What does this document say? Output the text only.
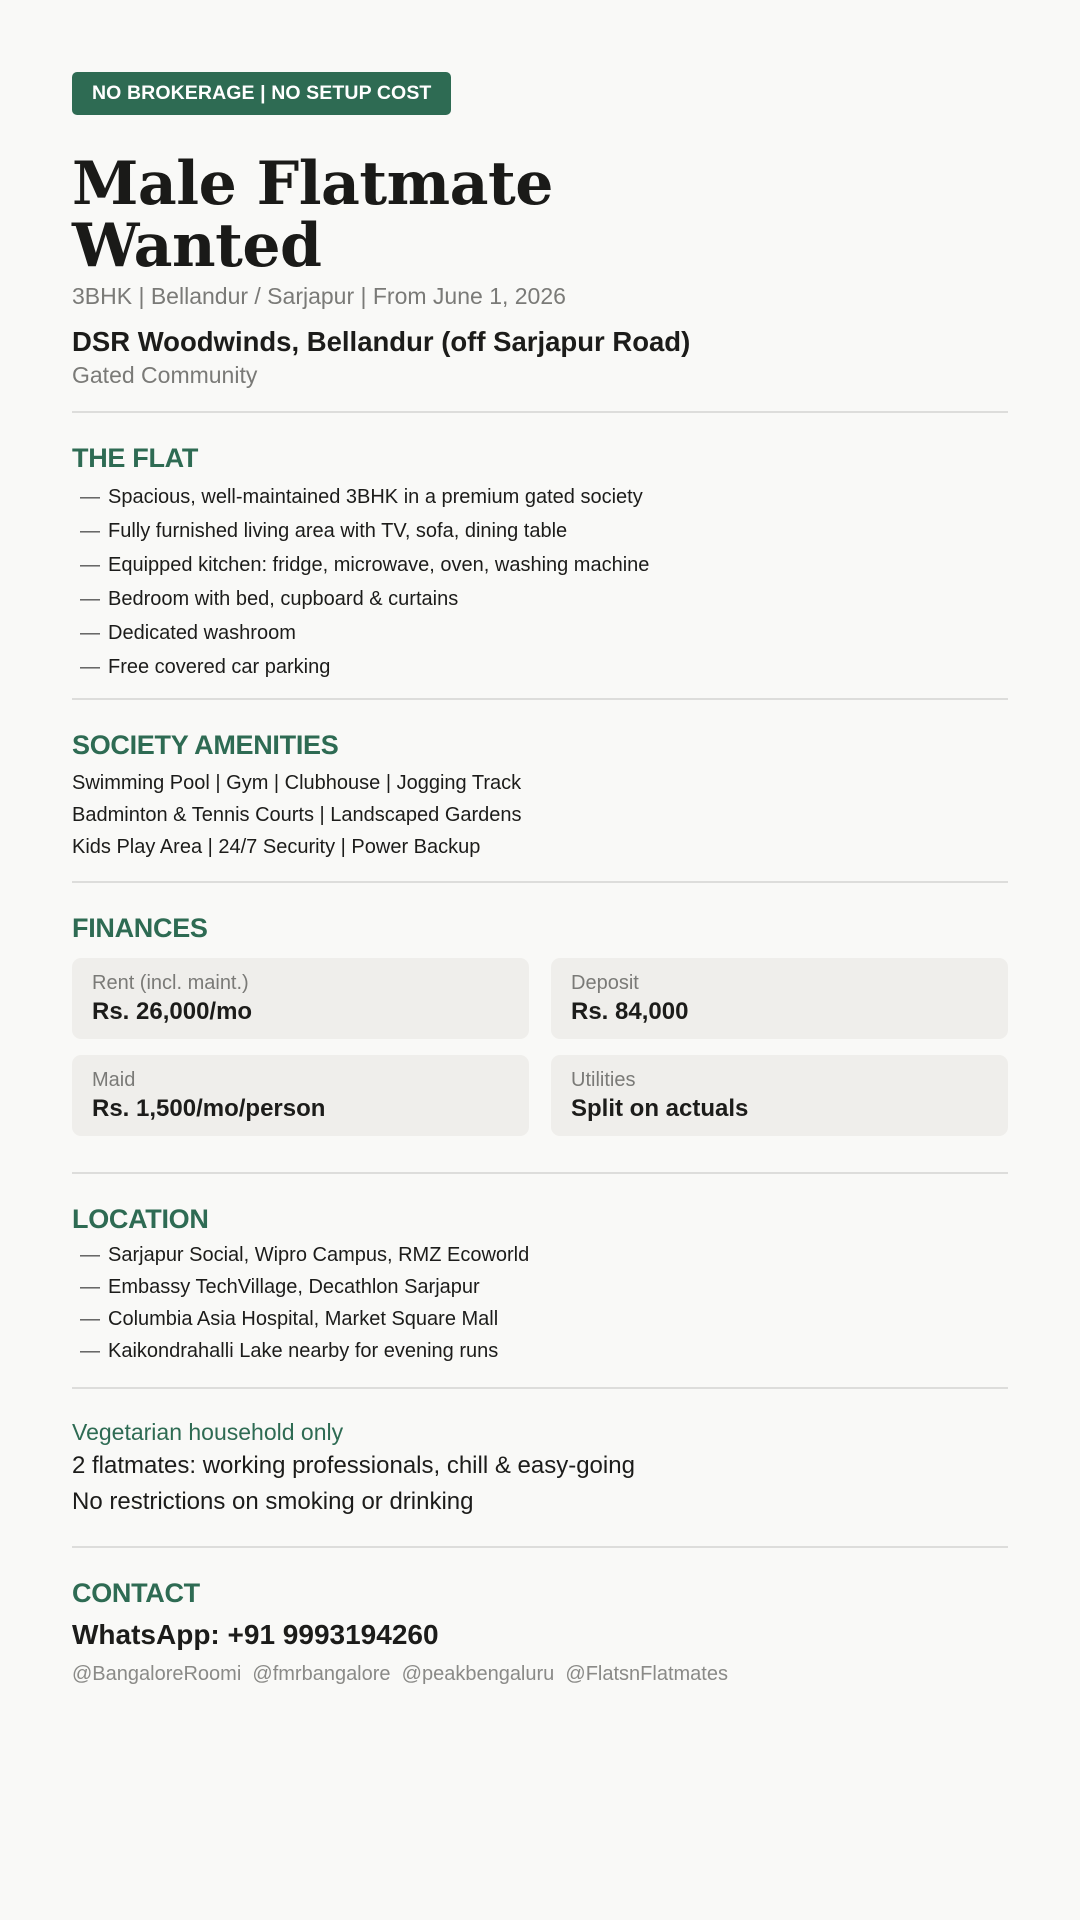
NO BROKERAGE | NO SETUP COST
Male Flatmate
Wanted
3BHK | Bellandur / Sarjapur | From June 1, 2026
DSR Woodwinds, Bellandur (off Sarjapur Road)
Gated Community
THE FLAT
— Spacious, well-maintained 3BHK in a premium gated society
— Fully furnished living area with TV, sofa, dining table
— Equipped kitchen: fridge, microwave, oven, washing machine
— Bedroom with bed, cupboard & curtains
— Dedicated washroom
— Free covered car parking
SOCIETY AMENITIES

Swimming Pool | Gym | Clubhouse | Jogging Track

Badminton & Tennis Courts | Landscaped Gardens

Kids Play Area | 24/7 Security | Power Backup

FINANCES
Rent (incl. maint.)
Rs. 26,000/mo
Deposit
Rs. 84,000
Maid
Rs. 1,500/mo/person
Utilities
Split on actuals
LOCATION
— Sarjapur Social, Wipro Campus, RMZ Ecoworld
— Embassy TechVillage, Decathlon Sarjapur
— Columbia Asia Hospital, Market Square Mall
— Kaikondrahalli Lake nearby for evening runs
Vegetarian household only
2 flatmates: working professionals, chill & easy-going
No restrictions on smoking or drinking
CONTACT
WhatsApp: +91 9993194260
@BangaloreRoomi  @fmrbangalore  @peakbengaluru  @FlatsnFlatmates
